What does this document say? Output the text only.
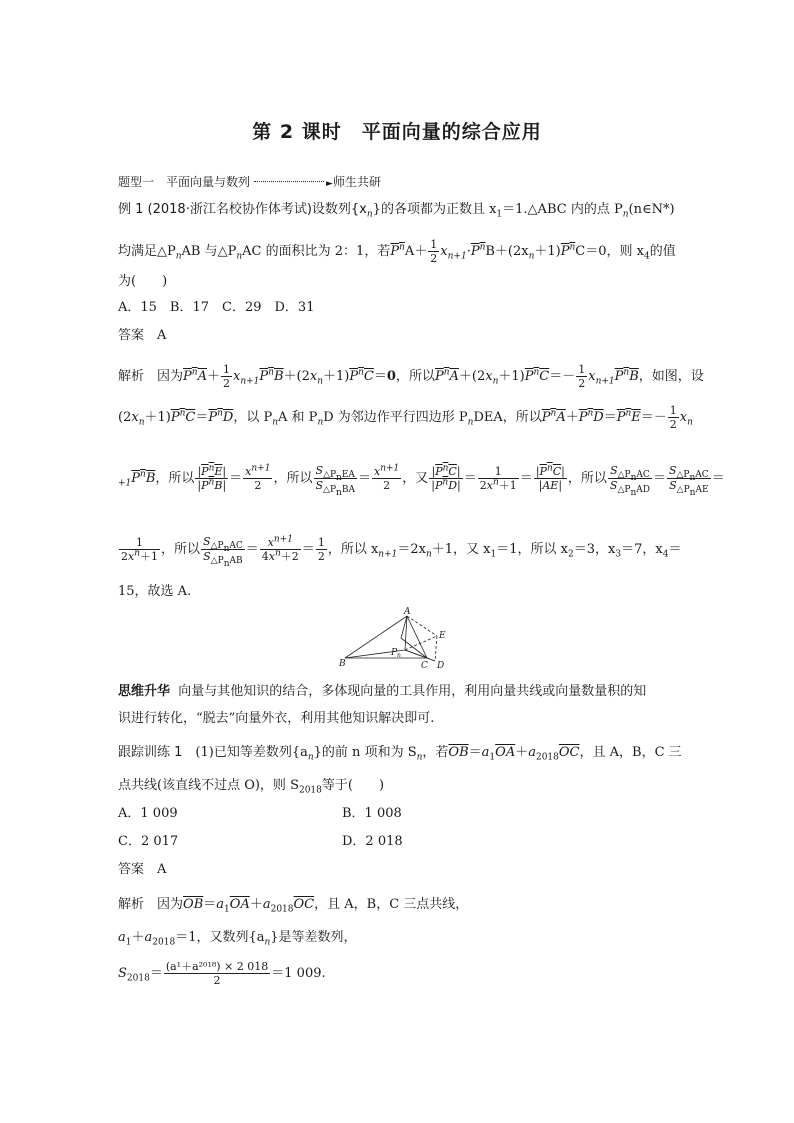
第 2 课时　平面向量的综合应用
题型一　平面向量与数列	►师生共研
例 1 (2018·浙江名校协作体考试)设数列$\{x_n\}$的各项都为正数且 $x_1=1.\triangle ABC$ 内的点 $P_n(n\in N*)$
均满足$\triangle P_nAB$ 与$\triangle P_nAC$ 的面积比为 2：1，若$P^nA+ \frac{1}{2} x_{n+1}\cdot P^nB+(2x_n+1)P^nC=0$，则 $x_4$的值
为(　　)
A．15　B．17　C．29　D．31
答案　 A
解析　 因为$P^nA+ \frac{1}{2} x_{n+1}P^nB+(2x_n+1)P^nC=0$，所以$P^nA+(2x_n+1)P^nC=- \frac{1}{2} x_{n+1}P^nB$，如图，设
$(2x_n+1)P^nC=P^nD$，以 $P_nA$ 和 $P_nD$ 为邻边作平行四边形 $P_nDEA$，所以$P^nA+P^nD=P^nE=- \frac{1}{2} x_n$
$_{+1}P^nB$，所以 $\frac{|P^nE|}{|P^nB|} = \frac{x^{n+1}}{2}$ ，所以 $\frac{S_{\triangle P_nEA}}{S_{\triangle P_nBA}} = \frac{x^{n+1}}{2}$ ，又 $\frac{|P^nC|}{|P^nD|} = \frac{1}{2x^n+1} = \frac{|P^nC|}{|\overline{AE}|}$ ，所以 $\frac{S_{\triangle P_nAC}}{S_{\triangle P_nAD}} = \frac{S_{\triangle P_nAC}}{S_{\triangle P_nAE}}$ ＝
$\frac{1}{2x^n+1}$ ，所以 $\frac{S_{\triangle P_nAC}}{S_{\triangle P_nAB}} = \frac{x^{n+1}}{4x^n+2} = \frac{1}{2}$ ，所以 $x_{n+1}=2x_n+1$，又 $x_1=1$，所以 $x_2=3$，$x_3=7$，$x_4=$
15，故选 A.
A
E
B
P n
C D
思维升华 向量与其他知识的结合，多体现向量的工具作用，利用向量共线或向量数量积的知
识进行转化，“脱去”向量外衣，利用其他知识解决即可.
跟踪训练 1　 (1)已知等差数列$\{a_n\}$的前 n 项和为 $S_n$，若$\overline{OB}=a_1\overline{OA}+a_{2018}\overline{OC}$，且 A，B，C 三
点共线(该直线不过点 O)，则 $S_{2018}$等于(　　)
A．1 009	B．1 008
C．2 017	D．2 018
答案　 A
解析　 因为$\overline{OB}=a_1\overline{OA}+a_{2018}\overline{OC}$，且 A，B，C 三点共线，
$a_1+a_{2018}=1$，又数列$\{a_n\}$是等差数列，
$S_{2018}= \frac{\text{(a¹＋a²⁰¹⁸) × 2 018}}{2} =1$ 009.
